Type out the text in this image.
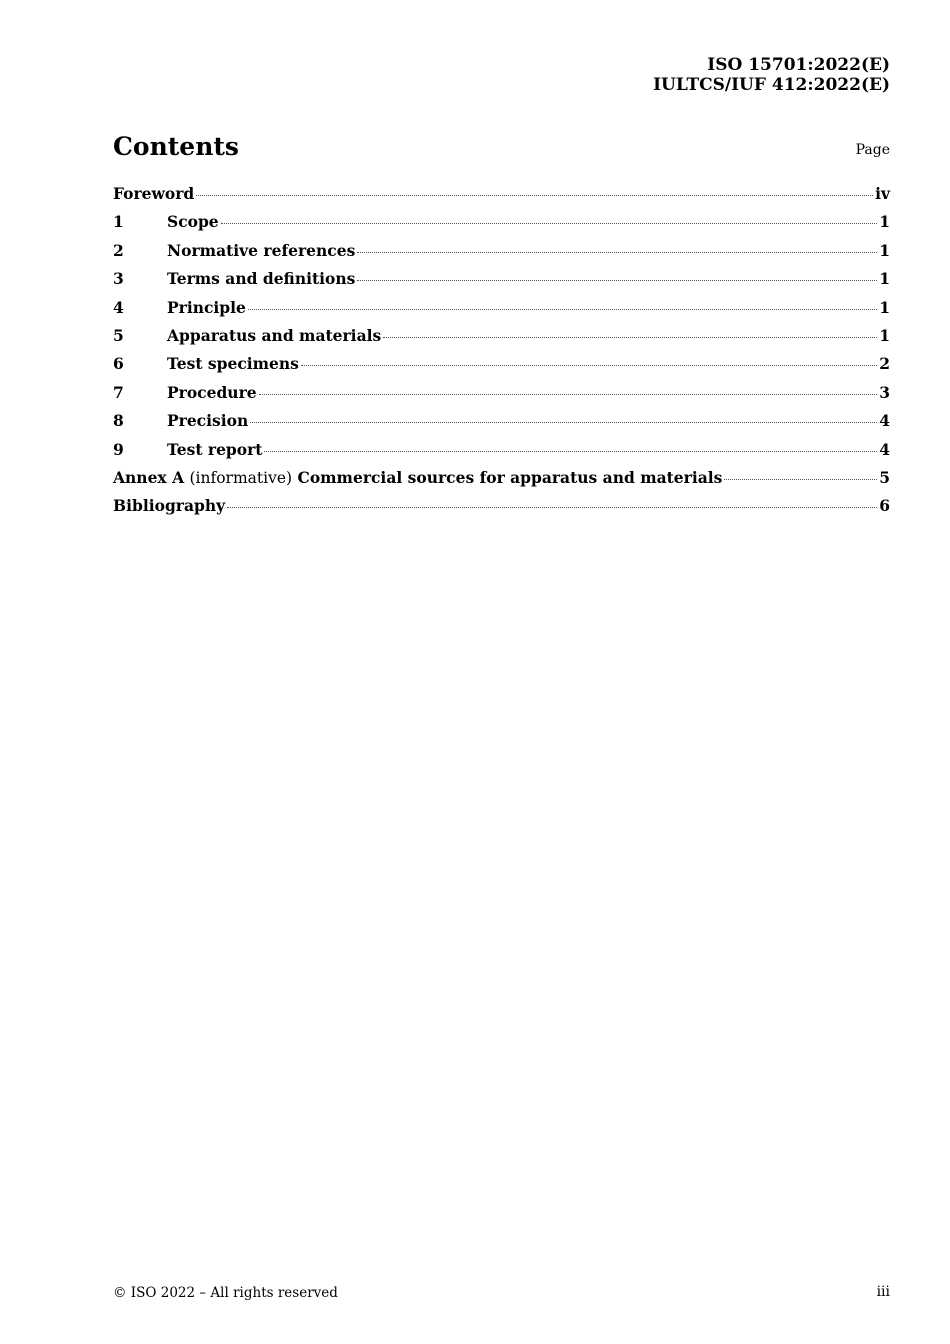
ISO 15701:2022(E)
IULTCS/IUF 412:2022(E)
Contents	Page
Foreword	iv
1	Scope	1
2	Normative references	1
3	Terms and definitions	1
4	Principle	1
5	Apparatus and materials	1
6	Test specimens	2
7	Procedure	3
8	Precision	4
9	Test report	4
Annex A (informative) Commercial sources for apparatus and materials	5
Bibliography	6
© ISO 2022 – All rights reserved	iii
